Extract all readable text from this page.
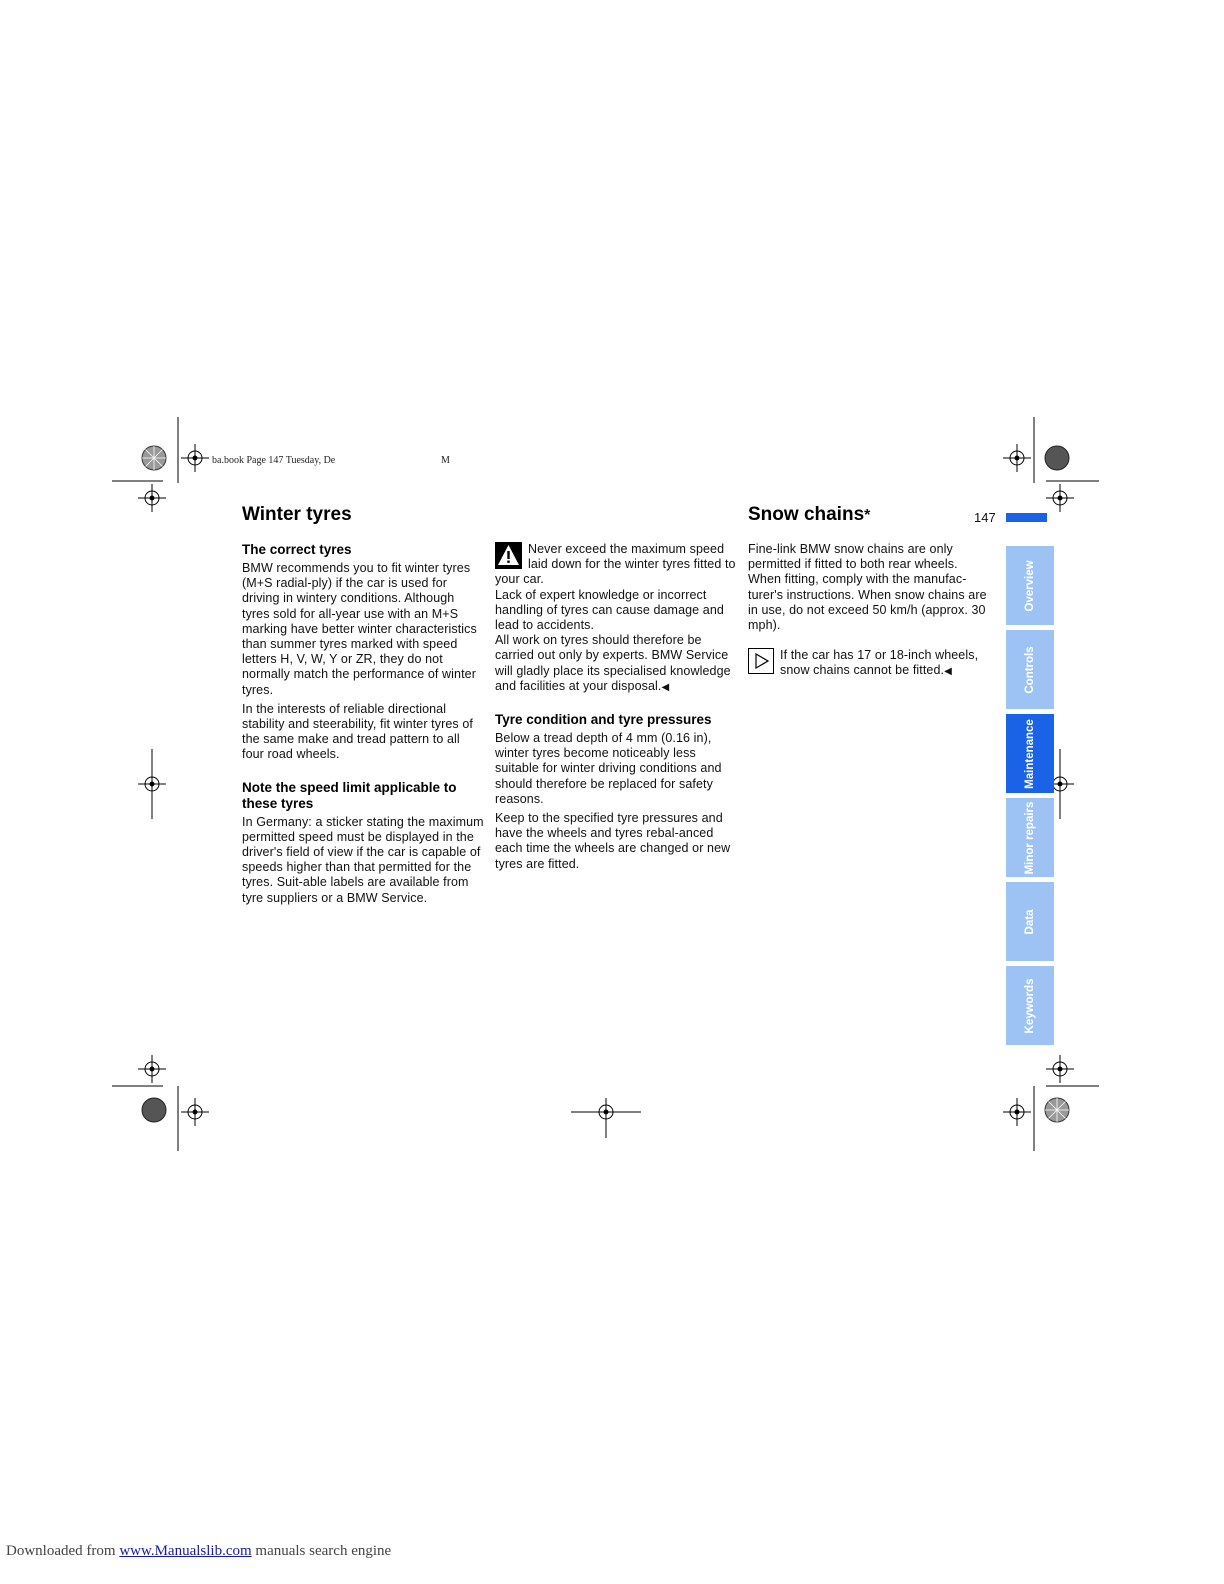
ba.book Page 147 Tuesday, De	M
Winter tyres	Snow chains*	147
The correct tyres

BMW recommends you to fit winter tyres (M+S radial-ply) if the car is used for driving in wintery conditions. Although tyres sold for all-year use with an M+S marking have better winter characteristics than summer tyres marked with speed letters H, V, W, Y or ZR, they do not normally match the performance of winter tyres.

In the interests of reliable directional stability and steerability, fit winter tyres of the same make and tread pattern to all four road wheels.

Note the speed limit applicable to these tyres

In Germany: a sticker stating the maximum permitted speed must be displayed in the driver's field of view if the car is capable of speeds higher than that permitted for the tyres. Suit-able labels are available from tyre suppliers or a BMW Service.

Never exceed the maximum speed laid down for the winter tyres fitted to your car.

Lack of expert knowledge or incorrect handling of tyres can cause damage and lead to accidents.

All work on tyres should therefore be carried out only by experts. BMW Service will gladly place its specialised knowledge and facilities at your disposal.◀

Tyre condition and tyre pressures

Below a tread depth of 4 mm (0.16 in), winter tyres become noticeably less suitable for winter driving conditions and should therefore be replaced for safety reasons.

Keep to the specified tyre pressures and have the wheels and tyres rebal-anced each time the wheels are changed or new tyres are fitted.

Fine-link BMW snow chains are only permitted if fitted to both rear wheels. When fitting, comply with the manufac-turer's instructions. When snow chains are in use, do not exceed 50 km/h (approx. 30 mph).

If the car has 17 or 18-inch wheels, snow chains cannot be fitted.◀

Overview
Controls
Maintenance
Minor repairs
Data
Keywords
Downloaded from www.Manualslib.com manuals search engine
